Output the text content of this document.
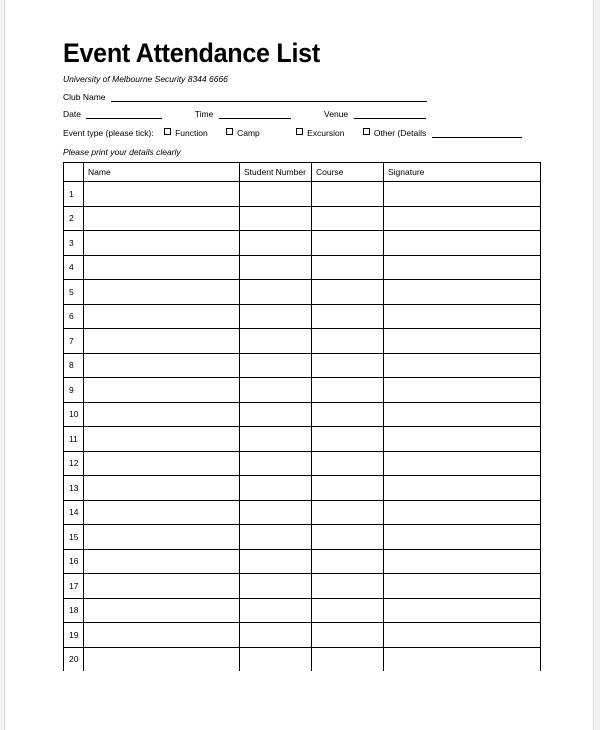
Event Attendance List
University of Melbourne Security 8344 6666
Club Name
Date	Time	Venue
Event type (please tick):	Function	Camp	Excursion	Other (Details
Please print your details clearly
	Name	Student Number	Course	Signature
1				
2				
3				
4				
5				
6				
7				
8				
9				
10				
11				
12				
13				
14				
15				
16				
17				
18				
19				
20				
